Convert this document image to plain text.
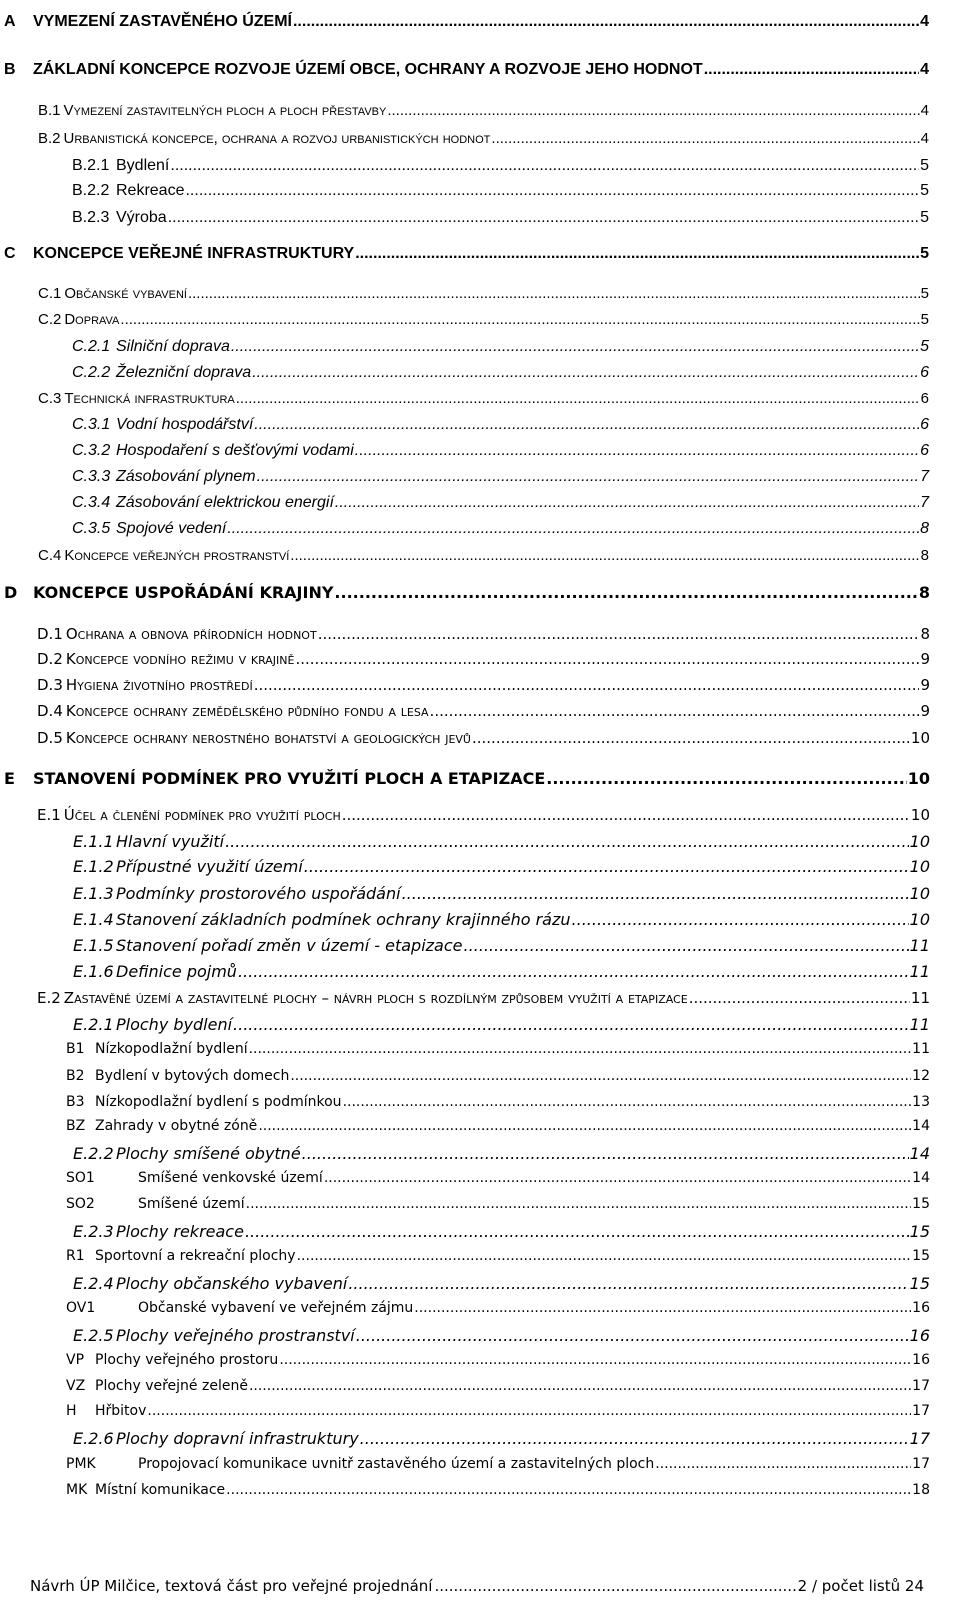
A	VYMEZENÍ ZASTAVĚNÉHO ÚZEMÍ .....	4
B	ZÁKLADNÍ KONCEPCE ROZVOJE ÚZEMÍ OBCE, OCHRANY A ROZVOJE JEHO HODNOT .....	4
B.1 Vymezení zastavitelných ploch a ploch přestavby .....	4
B.2 Urbanistická koncepce, ochrana a rozvoj urbanistických hodnot .....	4
B.2.1 Bydlení .....	5
B.2.2 Rekreace .....	5
B.2.3 Výroba .....	5
C	KONCEPCE VEŘEJNÉ INFRASTRUKTURY .....	5
C.1 Občanské vybavení .....	5
C.2 Doprava .....	5
C.2.1 Silniční doprava .....	5
C.2.2 Železniční doprava .....	6
C.3 Technická infrastruktura .....	6
C.3.1 Vodní hospodářství .....	6
C.3.2 Hospodaření s dešťovými vodami .....	6
C.3.3 Zásobování plynem .....	7
C.3.4 Zásobování elektrickou energií .....	7
C.3.5 Spojové vedení .....	8
C.4 Koncepce veřejných prostranství .....	8
D KONCEPCE USPOŘÁDÁNÍ KRAJINY .....	8
D.1 Ochrana a obnova přírodních hodnot .....	8
D.2 Koncepce vodního režimu v krajině .....	9
D.3 Hygiena životního prostředí .....	9
D.4 Koncepce ochrany zemědělského půdního fondu a lesa .....	9
D.5 Koncepce ochrany nerostného bohatství a geologických jevů .....	10
E	STANOVENÍ PODMÍNEK PRO VYUŽITÍ PLOCH A ETAPIZACE .....	10
E.1 Účel a členění podmínek pro využití ploch .....	10
E.1.1 Hlavní využití .....	10
E.1.2 Přípustné využití území .....	10
E.1.3 Podmínky prostorového uspořádání .....	10
E.1.4 Stanovení základních podmínek ochrany krajinného rázu .....	10
E.1.5 Stanovení pořadí změn v území - etapizace .....	11
E.1.6 Definice pojmů .....	11
E.2 Zastavěné území a zastavitelné plochy – návrh ploch s rozdílným způsobem využití a etapizace .....	11
E.2.1 Plochy bydlení .....	11
B1 Nízkopodlažní bydlení .....	11
B2 Bydlení v bytových domech .....	12
B3 Nízkopodlažní bydlení s podmínkou .....	13
BZ Zahrady v obytné zóně .....	14
E.2.2 Plochy smíšené obytné .....	14
SO1	Smíšené venkovské území .....	14
SO2	Smíšené území .....	15
E.2.3 Plochy rekreace .....	15
R1 Sportovní a rekreační plochy .....	15
E.2.4 Plochy občanského vybavení .....	15
OV1	Občanské vybavení ve veřejném zájmu .....	16
E.2.5 Plochy veřejného prostranství .....	16
VP Plochy veřejného prostoru .....	16
VZ Plochy veřejné zeleně .....	17
H	Hřbitov .....	17
E.2.6 Plochy dopravní infrastruktury .....	17
PMK	Propojovací komunikace uvnitř zastavěného území a zastavitelných ploch .....	17
MK Místní komunikace .....	18
Návrh ÚP Milčice, textová část pro veřejné projednání .....	2 / počet listů 24
